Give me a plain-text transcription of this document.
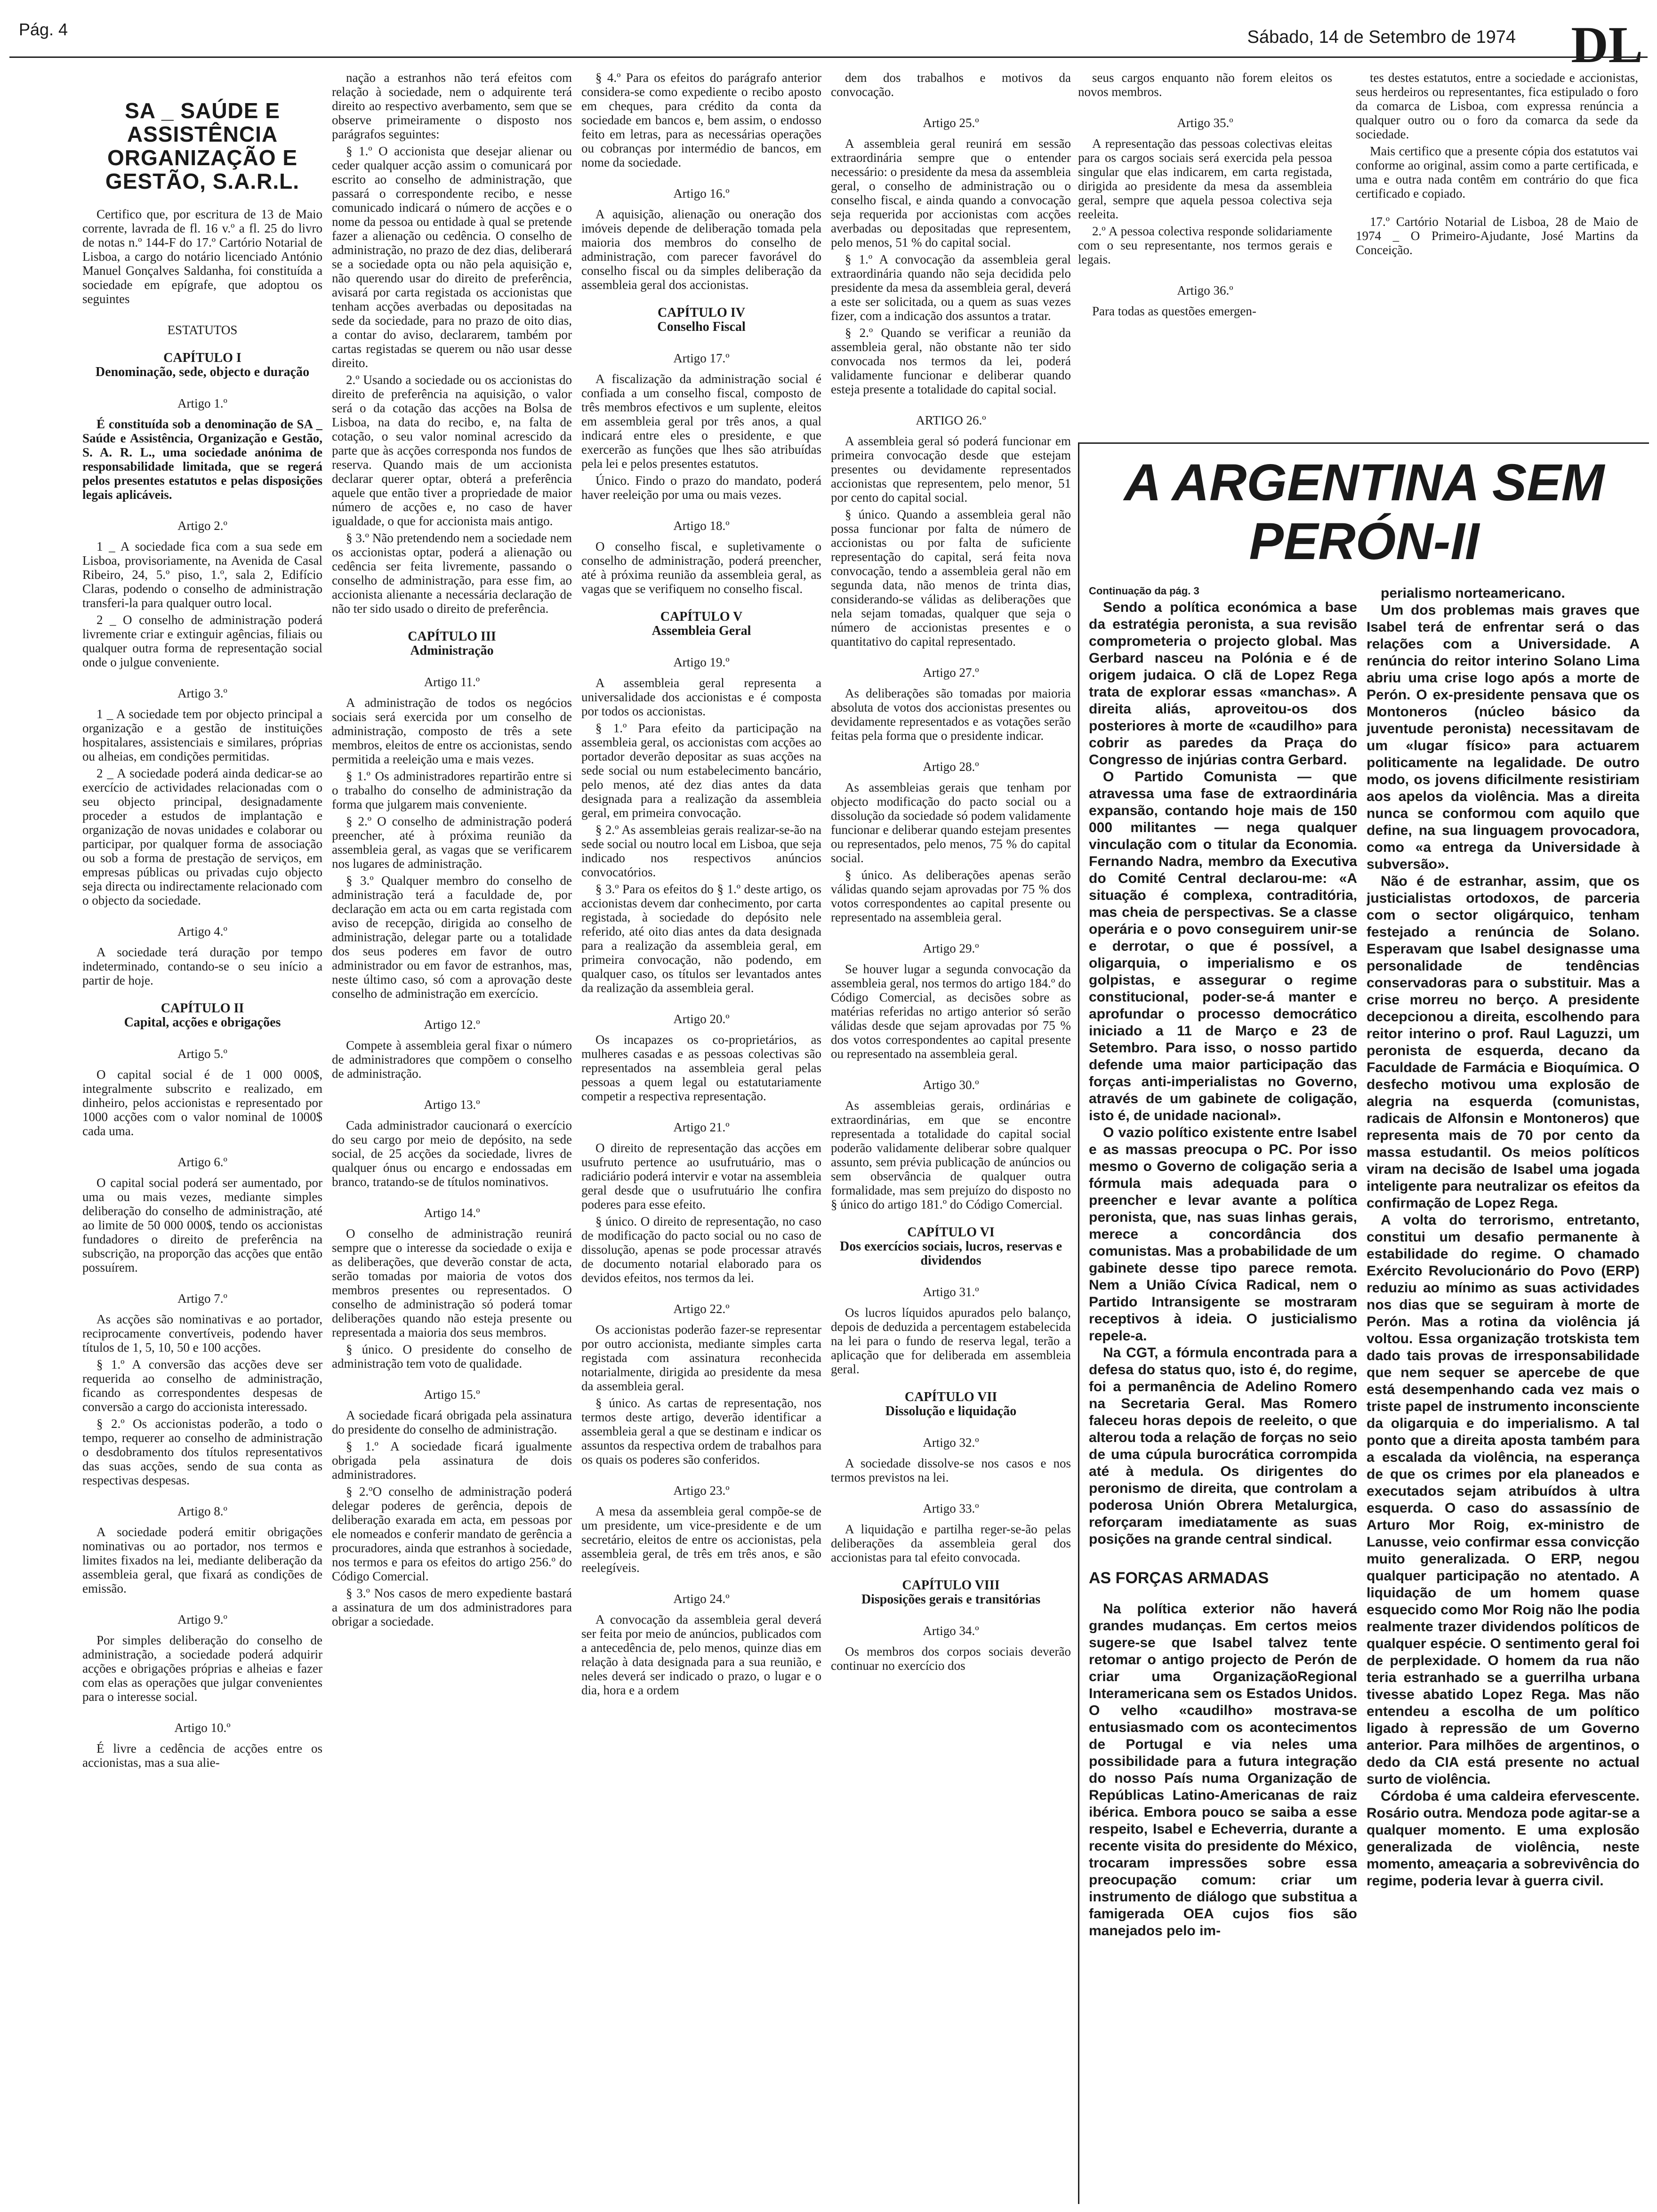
Pág. 4	Sábado, 14 de Setembro de 1974 DL

SA _ SAÚDE E ASSISTÊNCIA ORGANIZAÇÃO E GESTÃO, S.A.R.L.

Certifico que, por escritura de 13 de Maio corrente, lavrada de fl. 16 v.º a fl. 25 do livro de notas n.º 144-F do 17.º Cartório Notarial de Lisboa, a cargo do notário licenciado António Manuel Gonçalves Saldanha, foi constituída a sociedade em epígrafe, que adoptou os seguintes

ESTATUTOS

CAPÍTULO I

Denominação, sede, objecto e duração

Artigo 1.º

É constituída sob a denominação de SA _ Saúde e Assistência, Organização e Gestão, S. A. R. L., uma sociedade anónima de responsabilidade limitada, que se regerá pelos presentes estatutos e pelas disposições legais aplicáveis.

Artigo 2.º

1 _ A sociedade fica com a sua sede em Lisboa, provisoriamente, na Avenida de Casal Ribeiro, 24, 5.º piso, 1.º, sala 2, Edifício Claras, podendo o conselho de administração transferi-la para qualquer outro local.

2 _ O conselho de administração poderá livremente criar e extinguir agências, filiais ou qualquer outra forma de representação social onde o julgue conveniente.

Artigo 3.º

1 _ A sociedade tem por objecto principal a organização e a gestão de instituições hospitalares, assistenciais e similares, próprias ou alheias, em condições permitidas.

2 _ A sociedade poderá ainda dedicar-se ao exercício de actividades relacionadas com o seu objecto principal, designadamente proceder a estudos de implantação e organização de novas unidades e colaborar ou participar, por qualquer forma de associação ou sob a forma de prestação de serviços, em empresas públicas ou privadas cujo objecto seja directa ou indirectamente relacionado com o objecto da sociedade.

Artigo 4.º

A sociedade terá duração por tempo indeterminado, contando-se o seu início a partir de hoje.

CAPÍTULO II

Capital, acções e obrigações

Artigo 5.º

O capital social é de 1 000 000$, integralmente subscrito e realizado, em dinheiro, pelos accionistas e representado por 1000 acções com o valor nominal de 1000$ cada uma.

Artigo 6.º

O capital social poderá ser aumentado, por uma ou mais vezes, mediante simples deliberação do conselho de administração, até ao limite de 50 000 000$, tendo os accionistas fundadores o direito de preferência na subscrição, na proporção das acções que então possuírem.

Artigo 7.º

As acções são nominativas e ao portador, reciprocamente convertíveis, podendo haver títulos de 1, 5, 10, 50 e 100 acções.

§ 1.º A conversão das acções deve ser requerida ao conselho de administração, ficando as correspondentes despesas de conversão a cargo do accionista interessado.

§ 2.º Os accionistas poderão, a todo o tempo, requerer ao conselho de administração o desdobramento dos títulos representativos das suas acções, sendo de sua conta as respectivas despesas.

Artigo 8.º

A sociedade poderá emitir obrigações nominativas ou ao portador, nos termos e limites fixados na lei, mediante deliberação da assembleia geral, que fixará as condições de emissão.

Artigo 9.º

Por simples deliberação do conselho de administração, a sociedade poderá adquirir acções e obrigações próprias e alheias e fazer com elas as operações que julgar convenientes para o interesse social.

Artigo 10.º

É livre a cedência de acções entre os accionistas, mas a sua alie-

nação a estranhos não terá efeitos com relação à sociedade, nem o adquirente terá direito ao respectivo averbamento, sem que se observe primeiramente o disposto nos parágrafos seguintes:

§ 1.º O accionista que desejar alienar ou ceder qualquer acção assim o comunicará por escrito ao conselho de administração, que passará o correspondente recibo, e nesse comunicado indicará o número de acções e o nome da pessoa ou entidade à qual se pretende fazer a alienação ou cedência. O conselho de administração, no prazo de dez dias, deliberará se a sociedade opta ou não pela aquisição e, não querendo usar do direito de preferência, avisará por carta registada os accionistas que tenham acções averbadas ou depositadas na sede da sociedade, para no prazo de oito dias, a contar do aviso, declararem, também por cartas registadas se querem ou não usar desse direito.

2.º Usando a sociedade ou os accionistas do direito de preferência na aquisição, o valor será o da cotação das acções na Bolsa de Lisboa, na data do recibo, e, na falta de cotação, o seu valor nominal acrescido da parte que às acções corresponda nos fundos de reserva. Quando mais de um accionista declarar querer optar, obterá a preferência aquele que então tiver a propriedade de maior número de acções e, no caso de haver igualdade, o que for accionista mais antigo.

§ 3.º Não pretendendo nem a sociedade nem os accionistas optar, poderá a alienação ou cedência ser feita livremente, passando o conselho de administração, para esse fim, ao accionista alienante a necessária declaração de não ter sido usado o direito de preferência.

CAPÍTULO III

Administração

Artigo 11.º

A administração de todos os negócios sociais será exercida por um conselho de administração, composto de três a sete membros, eleitos de entre os accionistas, sendo permitida a reeleição uma e mais vezes.

§ 1.º Os administradores repartirão entre si o trabalho do conselho de administração da forma que julgarem mais conveniente.

§ 2.º O conselho de administração poderá preencher, até à próxima reunião da assembleia geral, as vagas que se verificarem nos lugares de administração.

§ 3.º Qualquer membro do conselho de administração terá a faculdade de, por declaração em acta ou em carta registada com aviso de recepção, dirigida ao conselho de administração, delegar parte ou a totalidade dos seus poderes em favor de outro administrador ou em favor de estranhos, mas, neste último caso, só com a aprovação deste conselho de administração em exercício.

Artigo 12.º

Compete à assembleia geral fixar o número de administradores que compõem o conselho de administração.

Artigo 13.º

Cada administrador caucionará o exercício do seu cargo por meio de depósito, na sede social, de 25 acções da sociedade, livres de qualquer ónus ou encargo e endossadas em branco, tratando-se de títulos nominativos.

Artigo 14.º

O conselho de administração reunirá sempre que o interesse da sociedade o exija e as deliberações, que deverão constar de acta, serão tomadas por maioria de votos dos membros presentes ou representados. O conselho de administração só poderá tomar deliberações quando não esteja presente ou representada a maioria dos seus membros.

§ único. O presidente do conselho de administração tem voto de qualidade.

Artigo 15.º

A sociedade ficará obrigada pela assinatura do presidente do conselho de administração.

§ 1.º A sociedade ficará igualmente obrigada pela assinatura de dois administradores.

§ 2.ºO conselho de administração poderá delegar poderes de gerência, depois de deliberação exarada em acta, em pessoas por ele nomeados e conferir mandato de gerência a procuradores, ainda que estranhos à sociedade, nos termos e para os efeitos do artigo 256.º do Código Comercial.

§ 3.º Nos casos de mero expediente bastará a assinatura de um dos administradores para obrigar a sociedade.

§ 4.º Para os efeitos do parágrafo anterior considera-se como expediente o recibo aposto em cheques, para crédito da conta da sociedade em bancos e, bem assim, o endosso feito em letras, para as necessárias operações ou cobranças por intermédio de bancos, em nome da sociedade.

Artigo 16.º

A aquisição, alienação ou oneração dos imóveis depende de deliberação tomada pela maioria dos membros do conselho de administração, com parecer favorável do conselho fiscal ou da simples deliberação da assembleia geral dos accionistas.

CAPÍTULO IV

Conselho Fiscal

Artigo 17.º

A fiscalização da administração social é confiada a um conselho fiscal, composto de três membros efectivos e um suplente, eleitos em assembleia geral por três anos, a qual indicará entre eles o presidente, e que exercerão as funções que lhes são atribuídas pela lei e pelos presentes estatutos.

Único. Findo o prazo do mandato, poderá haver reeleição por uma ou mais vezes.

Artigo 18.º

O conselho fiscal, e supletivamente o conselho de administração, poderá preencher, até à próxima reunião da assembleia geral, as vagas que se verifiquem no conselho fiscal.

CAPÍTULO V

Assembleia Geral

Artigo 19.º

A assembleia geral representa a universalidade dos accionistas e é composta por todos os accionistas.

§ 1.º Para efeito da participação na assembleia geral, os accionistas com acções ao portador deverão depositar as suas acções na sede social ou num estabelecimento bancário, pelo menos, até dez dias antes da data designada para a realização da assembleia geral, em primeira convocação.

§ 2.º As assembleias gerais realizar-se-ão na sede social ou noutro local em Lisboa, que seja indicado nos respectivos anúncios convocatórios.

§ 3.º Para os efeitos do § 1.º deste artigo, os accionistas devem dar conhecimento, por carta registada, à sociedade do depósito nele referido, até oito dias antes da data designada para a realização da assembleia geral, em primeira convocação, não podendo, em qualquer caso, os títulos ser levantados antes da realização da assembleia geral.

Artigo 20.º

Os incapazes os co-proprietários, as mulheres casadas e as pessoas colectivas são representados na assembleia geral pelas pessoas a quem legal ou estatutariamente competir a respectiva representação.

Artigo 21.º

O direito de representação das acções em usufruto pertence ao usufrutuário, mas o radiciário poderá intervir e votar na assembleia geral desde que o usufrutuário lhe confira poderes para esse efeito.

§ único. O direito de representação, no caso de modificação do pacto social ou no caso de dissolução, apenas se pode processar através de documento notarial elaborado para os devidos efeitos, nos termos da lei.

Artigo 22.º

Os accionistas poderão fazer-se representar por outro accionista, mediante simples carta registada com assinatura reconhecida notarialmente, dirigida ao presidente da mesa da assembleia geral.

§ único. As cartas de representação, nos termos deste artigo, deverão identificar a assembleia geral a que se destinam e indicar os assuntos da respectiva ordem de trabalhos para os quais os poderes são conferidos.

Artigo 23.º

A mesa da assembleia geral compõe-se de um presidente, um vice-presidente e de um secretário, eleitos de entre os accionistas, pela assembleia geral, de três em três anos, e são reelegíveis.

Artigo 24.º

A convocação da assembleia geral deverá ser feita por meio de anúncios, publicados com a antecedência de, pelo menos, quinze dias em relação à data designada para a sua reunião, e neles deverá ser indicado o prazo, o lugar e o dia, hora e a ordem

dem dos trabalhos e motivos da convocação.

Artigo 25.º

A assembleia geral reunirá em sessão extraordinária sempre que o entender necessário: o presidente da mesa da assembleia geral, o conselho de administração ou o conselho fiscal, e ainda quando a convocação seja requerida por accionistas com acções averbadas ou depositadas que representem, pelo menos, 51 % do capital social.

§ 1.º A convocação da assembleia geral extraordinária quando não seja decidida pelo presidente da mesa da assembleia geral, deverá a este ser solicitada, ou a quem as suas vezes fizer, com a indicação dos assuntos a tratar.

§ 2.º Quando se verificar a reunião da assembleia geral, não obstante não ter sido convocada nos termos da lei, poderá validamente funcionar e deliberar quando esteja presente a totalidade do capital social.

ARTIGO 26.º

A assembleia geral só poderá funcionar em primeira convocação desde que estejam presentes ou devidamente representados accionistas que representem, pelo menor, 51 por cento do capital social.

§ único. Quando a assembleia geral não possa funcionar por falta de número de accionistas ou por falta de suficiente representação do capital, será feita nova convocação, tendo a assembleia geral não em segunda data, não menos de trinta dias, considerando-se válidas as deliberações que nela sejam tomadas, qualquer que seja o número de accionistas presentes e o quantitativo do capital representado.

Artigo 27.º

As deliberações são tomadas por maioria absoluta de votos dos accionistas presentes ou devidamente representados e as votações serão feitas pela forma que o presidente indicar.

Artigo 28.º

As assembleias gerais que tenham por objecto modificação do pacto social ou a dissolução da sociedade só podem validamente funcionar e deliberar quando estejam presentes ou representados, pelo menos, 75 % do capital social.

§ único. As deliberações apenas serão válidas quando sejam aprovadas por 75 % dos votos correspondentes ao capital presente ou representado na assembleia geral.

Artigo 29.º

Se houver lugar a segunda convocação da assembleia geral, nos termos do artigo 184.º do Código Comercial, as decisões sobre as matérias referidas no artigo anterior só serão válidas desde que sejam aprovadas por 75 % dos votos correspondentes ao capital presente ou representado na assembleia geral.

Artigo 30.º

As assembleias gerais, ordinárias e extraordinárias, em que se encontre representada a totalidade do capital social poderão validamente deliberar sobre qualquer assunto, sem prévia publicação de anúncios ou sem observância de qualquer outra formalidade, mas sem prejuízo do disposto no § único do artigo 181.º do Código Comercial.

CAPÍTULO VI

Dos exercícios sociais, lucros, reservas e dividendos

Artigo 31.º

Os lucros líquidos apurados pelo balanço, depois de deduzida a percentagem estabelecida na lei para o fundo de reserva legal, terão a aplicação que for deliberada em assembleia geral.

CAPÍTULO VII

Dissolução e liquidação

Artigo 32.º

A sociedade dissolve-se nos casos e nos termos previstos na lei.

Artigo 33.º

A liquidação e partilha reger-se-ão pelas deliberações da assembleia geral dos accionistas para tal efeito convocada.

CAPÍTULO VIII

Disposições gerais e transitórias

Artigo 34.º

Os membros dos corpos sociais deverão continuar no exercício dos

seus cargos enquanto não forem eleitos os novos membros.

Artigo 35.º

A representação das pessoas colectivas eleitas para os cargos sociais será exercida pela pessoa singular que elas indicarem, em carta registada, dirigida ao presidente da mesa da assembleia geral, sempre que aquela pessoa colectiva seja reeleita.

2.º A pessoa colectiva responde solidariamente com o seu representante, nos termos gerais e legais.

Artigo 36.º

Para todas as questões emergen-

tes destes estatutos, entre a sociedade e accionistas, seus herdeiros ou representantes, fica estipulado o foro da comarca de Lisboa, com expressa renúncia a qualquer outro ou o foro da comarca da sede da sociedade.

Mais certifico que a presente cópia dos estatutos vai conforme ao original, assim como a parte certificada, e uma e outra nada contêm em contrário do que fica certificado e copiado.

17.º Cartório Notarial de Lisboa, 28 de Maio de 1974 _ O Primeiro-Ajudante, José Martins da Conceição.

A ARGENTINA SEM PERÓN-II
Continuação da pág. 3

Sendo a política económica a base da estratégia peronista, a sua revisão comprometeria o projecto global. Mas Gerbard nasceu na Polónia e é de origem judaica. O clã de Lopez Rega trata de explorar essas «manchas». A direita aliás, aproveitou-os dos posteriores à morte de «caudilho» para cobrir as paredes da Praça do Congresso de injúrias contra Gerbard.

O Partido Comunista — que atravessa uma fase de extraordinária expansão, contando hoje mais de 150 000 militantes — nega qualquer vinculação com o titular da Economia. Fernando Nadra, membro da Executiva do Comité Central declarou-me: «A situação é complexa, contraditória, mas cheia de perspectivas. Se a classe operária e o povo conseguirem unir-se e derrotar, o que é possível, a oligarquia, o imperialismo e os golpistas, e assegurar o regime constitucional, poder-se-á manter e aprofundar o processo democrático iniciado a 11 de Março e 23 de Setembro. Para isso, o nosso partido defende uma maior participação das forças anti-imperialistas no Governo, através de um gabinete de coligação, isto é, de unidade nacional».

O vazio político existente entre Isabel e as massas preocupa o PC. Por isso mesmo o Governo de coligação seria a fórmula mais adequada para o preencher e levar avante a política peronista, que, nas suas linhas gerais, merece a concordância dos comunistas. Mas a probabilidade de um gabinete desse tipo parece remota. Nem a União Cívica Radical, nem o Partido Intransigente se mostraram receptivos à ideia. O justicialismo repele-a.

Na CGT, a fórmula encontrada para a defesa do status quo, isto é, do regime, foi a permanência de Adelino Romero na Secretaria Geral. Mas Romero faleceu horas depois de reeleito, o que alterou toda a relação de forças no seio de uma cúpula burocrática corrompida até à medula. Os dirigentes do peronismo de direita, que controlam a poderosa Unión Obrera Metalurgica, reforçaram imediatamente as suas posições na grande central sindical.

AS FORÇAS ARMADAS

Na política exterior não haverá grandes mudanças. Em certos meios sugere-se que Isabel talvez tente retomar o antigo projecto de Perón de criar uma OrganizaçãoRegional Interamericana sem os Estados Unidos. O velho «caudilho» mostrava-se entusiasmado com os acontecimentos de Portugal e via neles uma possibilidade para a futura integração do nosso País numa Organização de Repúblicas Latino-Americanas de raiz ibérica. Embora pouco se saiba a esse respeito, Isabel e Echeverria, durante a recente visita do presidente do México, trocaram impressões sobre essa preocupação comum: criar um instrumento de diálogo que substitua a famigerada OEA cujos fios são manejados pelo im-

perialismo norteamericano.

Um dos problemas mais graves que Isabel terá de enfrentar será o das relações com a Universidade. A renúncia do reitor interino Solano Lima abriu uma crise logo após a morte de Perón. O ex-presidente pensava que os Montoneros (núcleo básico da juventude peronista) necessitavam de um «lugar físico» para actuarem politicamente na legalidade. De outro modo, os jovens dificilmente resistiriam aos apelos da violência. Mas a direita nunca se conformou com aquilo que define, na sua linguagem provocadora, como «a entrega da Universidade à subversão».

Não é de estranhar, assim, que os justicialistas ortodoxos, de parceria com o sector oligárquico, tenham festejado a renúncia de Solano. Esperavam que Isabel designasse uma personalidade de tendências conservadoras para o substituir. Mas a crise morreu no berço. A presidente decepcionou a direita, escolhendo para reitor interino o prof. Raul Laguzzi, um peronista de esquerda, decano da Faculdade de Farmácia e Bioquímica. O desfecho motivou uma explosão de alegria na esquerda (comunistas, radicais de Alfonsin e Montoneros) que representa mais de 70 por cento da massa estudantil. Os meios políticos viram na decisão de Isabel uma jogada inteligente para neutralizar os efeitos da confirmação de Lopez Rega.

A volta do terrorismo, entretanto, constitui um desafio permanente à estabilidade do regime. O chamado Exército Revolucionário do Povo (ERP) reduziu ao mínimo as suas actividades nos dias que se seguiram à morte de Perón. Mas a rotina da violência já voltou. Essa organização trotskista tem dado tais provas de irresponsabilidade que nem sequer se apercebe de que está desempenhando cada vez mais o triste papel de instrumento inconsciente da oligarquia e do imperialismo. A tal ponto que a direita aposta também para a escalada da violência, na esperança de que os crimes por ela planeados e executados sejam atribuídos à ultra esquerda. O caso do assassínio de Arturo Mor Roig, ex-ministro de Lanusse, veio confirmar essa convicção muito generalizada. O ERP, negou qualquer participação no atentado. A liquidação de um homem quase esquecido como Mor Roig não lhe podia realmente trazer dividendos políticos de qualquer espécie. O sentimento geral foi de perplexidade. O homem da rua não teria estranhado se a guerrilha urbana tivesse abatido Lopez Rega. Mas não entendeu a escolha de um político ligado à repressão de um Governo anterior. Para milhões de argentinos, o dedo da CIA está presente no actual surto de violência.

Córdoba é uma caldeira efervescente. Rosário outra. Mendoza pode agitar-se a qualquer momento. E uma explosão generalizada de violência, neste momento, ameaçaria a sobrevivência do regime, poderia levar à guerra civil.
